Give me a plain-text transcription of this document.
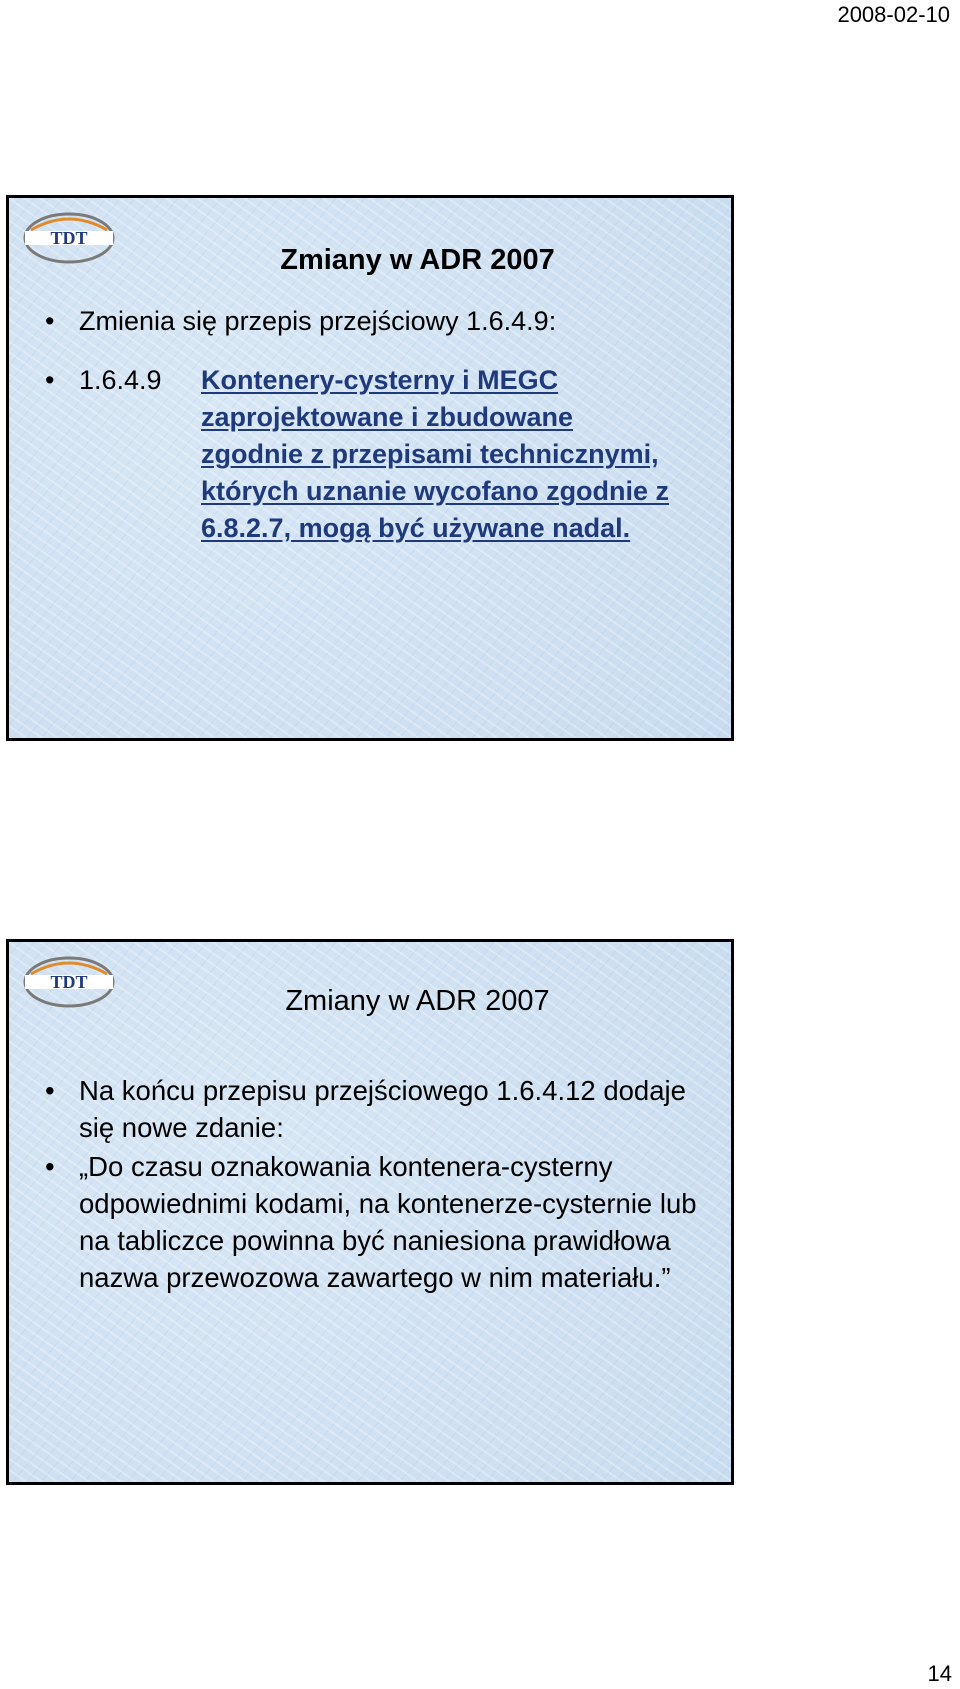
2008-02-10
TDT
Zmiany w ADR 2007
• Zmienia się przepis przejściowy 1.6.4.9:
• 1.6.4.9	Kontenery-cysterny i MEGC zaprojektowane i zbudowane zgodnie z przepisami technicznymi, których uznanie wycofano zgodnie z 6.8.2.7, mogą być używane nadal.
TDT
Zmiany w ADR 2007
• Na końcu przepisu przejściowego 1.6.4.12 dodaje się nowe zdanie:
• „Do czasu oznakowania kontenera-cysterny odpowiednimi kodami, na kontenerze-cysternie lub na tabliczce powinna być naniesiona prawidłowa nazwa przewozowa zawartego w nim materiału.”
14
